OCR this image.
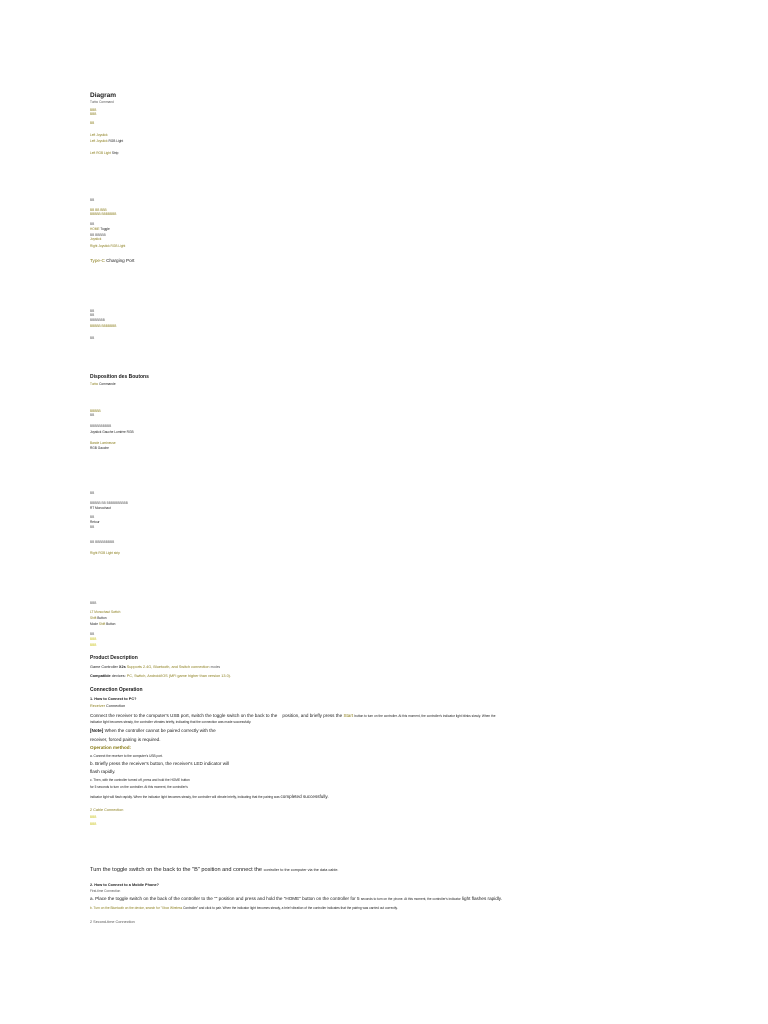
Diagram
Turbo Command
BBB
BBB
BB
Left Joystick
Left Joystick RGB Light
Left RGB Light Strip
BB
BB BB BBB
BBBBB BBBBBBB
BB
HOME Toggle
BB BBBBB
Joystick
Right Joystick RGB Light
Type-C Charging Port
BB
BB
BBBBBBB
BBBBB BBBBBBB
BB
Disposition des Boutons
Turbo Commande
BBBBB
BB
BBBBBBBBBB
Joystick Gauche Lumière RGB
Bande Lumineuse
RGB Gauche
BB
BBBBB BB BBBBBBBBBB
RT Monochaut
BB
Retour
BB
BB BBBBBBBBB
Right RGB Light strip
BBB
LT Monochaut Switch
Shift Button
Mode Shift Button
BB
BBB
BBB
Product Description
Game Controller X2s Supports 2.4G, Bluetooth, and Switch connection modes
Compatible devices: PC, Switch, Android/iOS (MFi game higher than version 13.0).
Connection Operation
1. How to Connect to PC?
Receiver Connection
Connect the receiver to the computer's USB port, switch the toggle switch on the back to the position, and briefly press the Start button to turn on the controller. At this moment, the controller's indicator light blinks slowly. When the
indicator light becomes steady, the controller vibrates briefly, indicating that the connection was made successfully.
[Note] When the controller cannot be paired correctly with the
receiver, forced pairing is required.
Operation method:
a. Connect the receiver to the computer's USB port.
b. Briefly press the receiver's button, the receiver's LED indicator will
flash rapidly.
c. Then, with the controller turned off, press and hold the HOME button
for 5 seconds to turn on the controller. At this moment, the controller's
indicator light will flash rapidly. When the indicator light becomes steady, the controller will vibrate briefly, indicating that the pairing was completed successfully.
2 Cable Connection
BBB
BBB
Turn the toggle switch on the back to the "B" position and connect the controller to the computer via the data cable.
2. How to Connect to a Mobile Phone?
First-time Connection
a. Place the toggle switch on the back of the controller to the "" position and press and hold the "HOME" button on the controller for 5 seconds to turn on the phone. At this moment, the controller's indicator light flashes rapidly.
b. Turn on the Bluetooth on the device, search for "Xbox Wireless Controller" and click to pair. When the indicator light becomes steady, a brief vibration of the controller indicates that the pairing was carried out correctly.
2 Second-time Connection
